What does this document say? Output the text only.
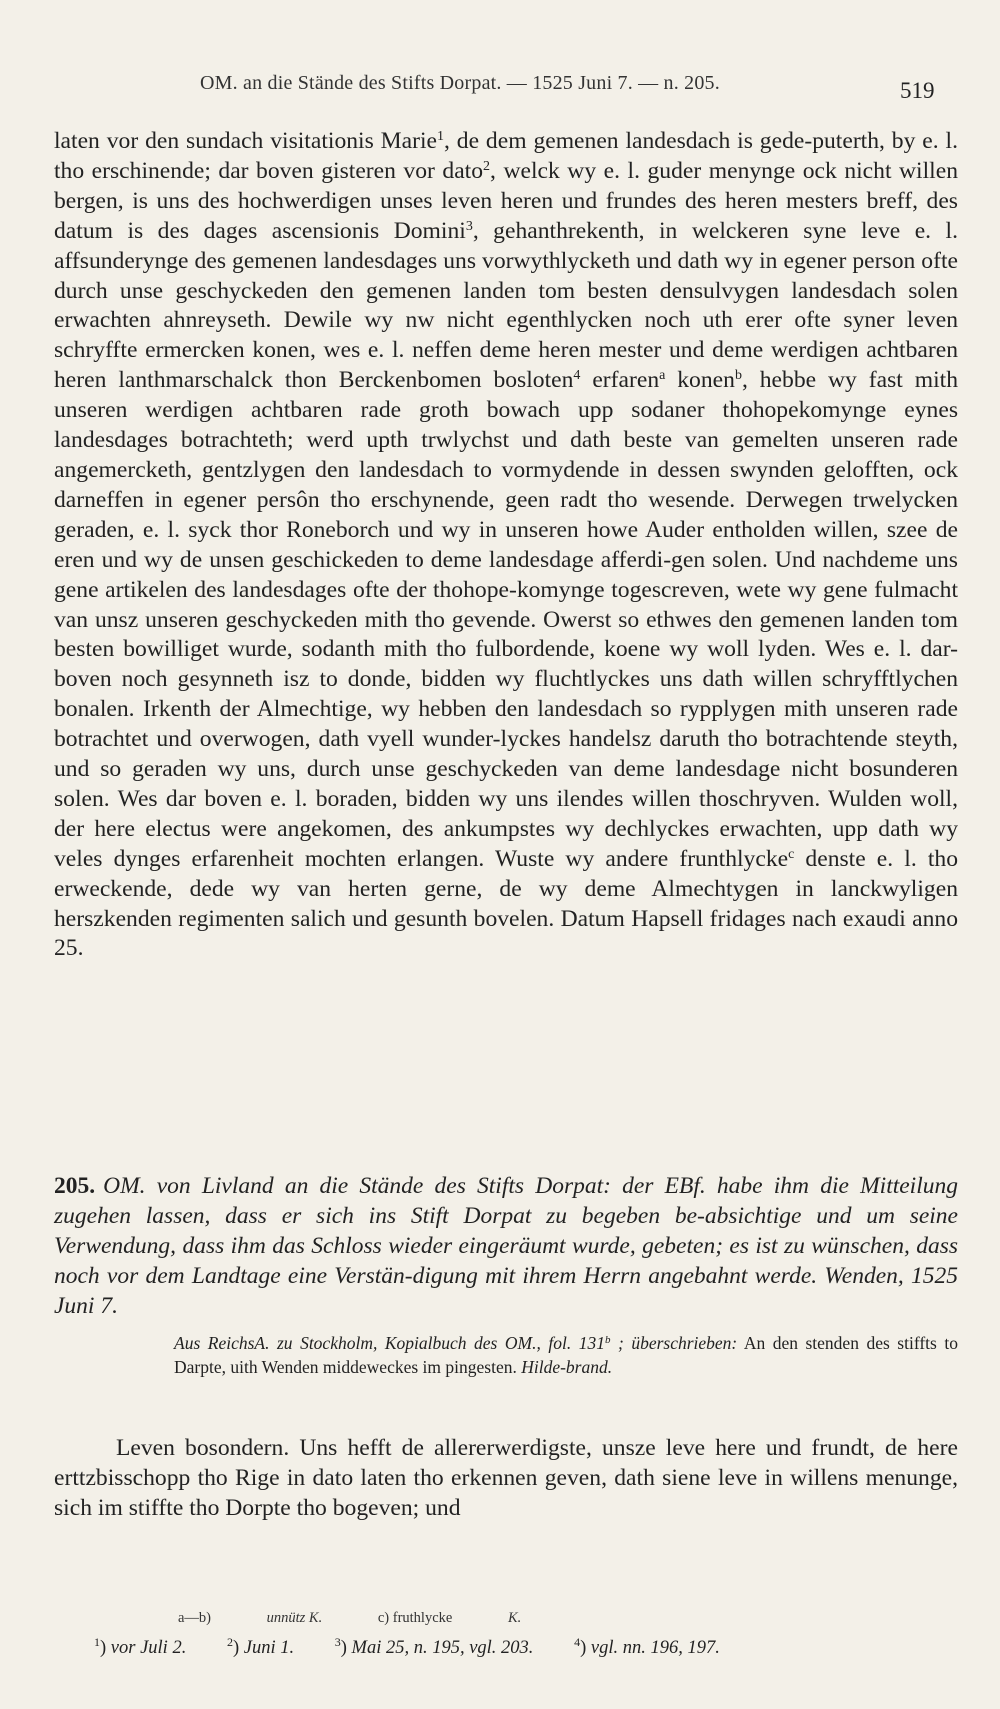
OM. an die Stände des Stifts Dorpat. — 1525 Juni 7. — n. 205.	519
laten vor den sundach visitationis Marie$^1$, de dem gemenen landesdach is gede-puterth, by e. l. tho erschinende; dar boven gisteren vor dato$^2$, welck wy e. l. guder menynge ock nicht willen bergen, is uns des hochwerdigen unses leven heren und frundes des heren mesters breff, des datum is des dages ascensionis Domini$^3$, gehanthrekenth, in welckeren syne leve e. l. affsunderynge des gemenen landesdages uns vorwythlycketh und dath wy in egener person ofte durch unse geschyckeden den gemenen landen tom besten densulvygen landesdach solen erwachten ahnreyseth. Dewile wy nw nicht egenthlycken noch uth erer ofte syner leven schryffte ermercken konen, wes e. l. neffen deme heren mester und deme werdigen achtbaren heren lanthmarschalck thon Berckenbomen bosloten$^4$ erfaren$^a$ konen$^b$, hebbe wy fast mith unseren werdigen achtbaren rade groth bowach upp sodaner thohopekomynge eynes landesdages botrachteth; werd upth trwlychst und dath beste van gemelten unseren rade angemercketh, gentzlygen den landesdach to vormydende in dessen swynden gelofften, ock darneffen in egener persôn tho erschynende, geen radt tho wesende. Derwegen trwelycken geraden, e. l. syck thor Roneborch und wy in unseren howe Auder entholden willen, szee de eren und wy de unsen geschickeden to deme landesdage afferdi-gen solen. Und nachdeme uns gene artikelen des landesdages ofte der thohope-komynge togescreven, wete wy gene fulmacht van unsz unseren geschyckeden mith tho gevende. Owerst so ethwes den gemenen landen tom besten bowilliget wurde, sodanth mith tho fulbordende, koene wy woll lyden. Wes e. l. dar-boven noch gesynneth isz to donde, bidden wy fluchtlyckes uns dath willen schryfftlychen bonalen. Irkenth der Almechtige, wy hebben den landesdach so rypplygen mith unseren rade botrachtet und overwogen, dath vyell wunder-lyckes handelsz daruth tho botrachtende steyth, und so geraden wy uns, durch unse geschyckeden van deme landesdage nicht bosunderen solen. Wes dar boven e. l. boraden, bidden wy uns ilendes willen thoschryven. Wulden woll, der here electus were angekomen, des ankumpstes wy dechlyckes erwachten, upp dath wy veles dynges erfarenheit mochten erlangen. Wuste wy andere frunthlycke$^c$ denste e. l. tho erweckende, dede wy van herten gerne, de wy deme Almechtygen in lanckwyligen herszkenden regimenten salich und gesunth bovelen. Datum Hapsell fridages nach exaudi anno 25.
205. OM. von Livland an die Stände des Stifts Dorpat: der EBf. habe ihm die Mitteilung zugehen lassen, dass er sich ins Stift Dorpat zu begeben be-absichtige und um seine Verwendung, dass ihm das Schloss wieder eingeräumt wurde, gebeten; es ist zu wünschen, dass noch vor dem Landtage eine Verstän-digung mit ihrem Herrn angebahnt werde. Wenden, 1525 Juni 7.
Aus ReichsA. zu Stockholm, Kopialbuch des OM., fol. 131$^b$ ; überschrieben: An den stenden des stiffts to Darpte, uith Wenden middeweckes im pingesten. Hilde-brand.
Leven bosondern. Uns hefft de allererwerdigste, unsze leve here und frundt, de here erttzbisschopp tho Rige in dato laten tho erkennen geven, dath siene leve in willens menunge, sich im stiffte tho Dorpte tho bogeven; und
a—b)	unnütz K.	c) fruthlycke	K.
$^1$) vor Juli 2.	$^2$) Juni 1.	$^3$) Mai 25, n. 195, vgl. 203.	$^4$) vgl. nn. 196, 197.
